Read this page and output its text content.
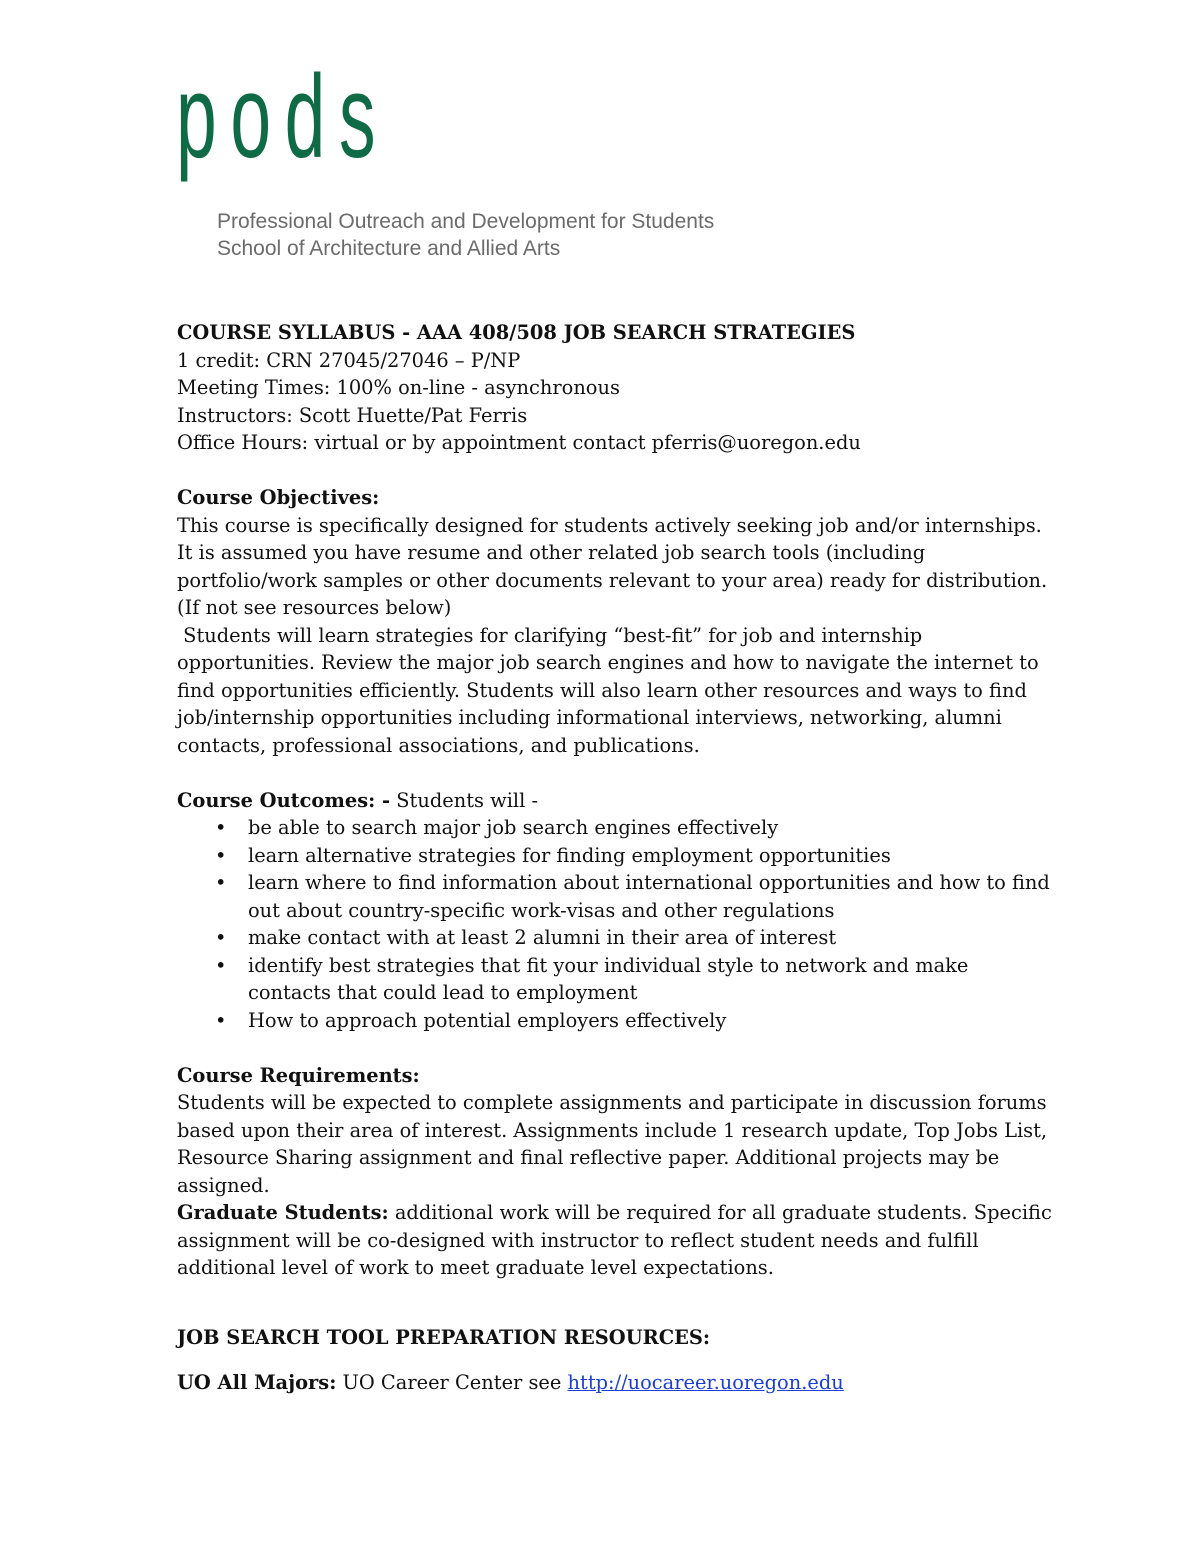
pods
Professional Outreach and Development for Students
School of Architecture and Allied Arts

COURSE SYLLABUS - AAA 408/508 JOB SEARCH STRATEGIES

1 credit: CRN 27045/27046 – P/NP

Meeting Times: 100% on-line - asynchronous

Instructors: Scott Huette/Pat Ferris

Office Hours: virtual or by appointment contact pferris@uoregon.edu

Course Objectives:

This course is specifically designed for students actively seeking job and/or internships. It is assumed you have resume and other related job search tools (including portfolio/work samples or other documents relevant to your area) ready for distribution. (If not see resources below)

Students will learn strategies for clarifying “best-fit” for job and internship opportunities. Review the major job search engines and how to navigate the internet to find opportunities efficiently. Students will also learn other resources and ways to find job/internship opportunities including informational interviews, networking, alumni contacts, professional associations, and publications.

Course Outcomes: - Students will -

• be able to search major job search engines effectively
• learn alternative strategies for finding employment opportunities
• learn where to find information about international opportunities and how to find out about country-specific work-visas and other regulations
• make contact with at least 2 alumni in their area of interest
• identify best strategies that fit your individual style to network and make contacts that could lead to employment
• How to approach potential employers effectively

Course Requirements:

Students will be expected to complete assignments and participate in discussion forums based upon their area of interest. Assignments include 1 research update, Top Jobs List, Resource Sharing assignment and final reflective paper. Additional projects may be assigned.

Graduate Students: additional work will be required for all graduate students. Specific assignment will be co-designed with instructor to reflect student needs and fulfill additional level of work to meet graduate level expectations.

JOB SEARCH TOOL PREPARATION RESOURCES:

UO All Majors: UO Career Center see http://uocareer.uoregon.edu
